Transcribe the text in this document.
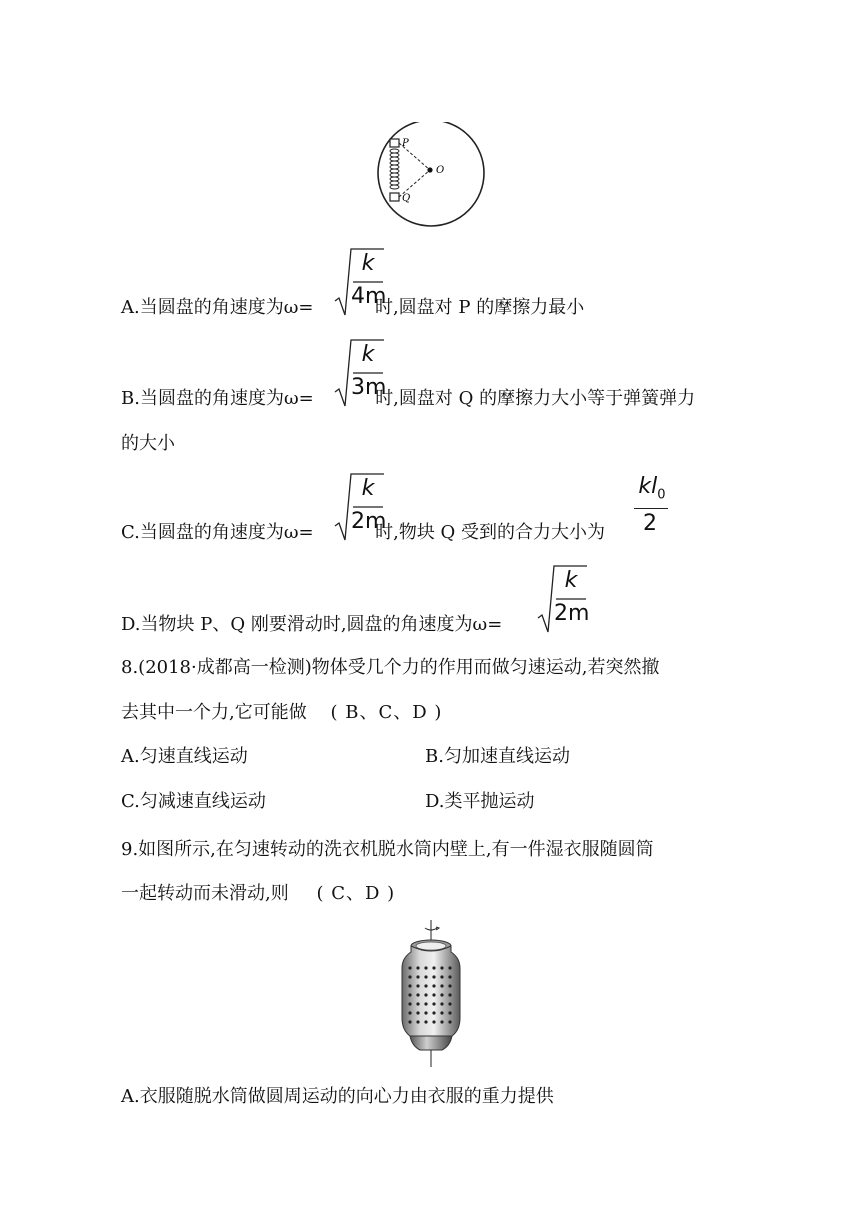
P
Q
O
A.当圆盘的角速度为ω=	时,圆盘对 P 的摩擦力最小
k
4m
B.当圆盘的角速度为ω=	时,圆盘对 Q 的摩擦力大小等于弹簧弹力
k
3m
的大小
C.当圆盘的角速度为ω=	时,物块 Q 受到的合力大小为
k
2m
$kl_0$
2
D.当物块 P、Q 刚要滑动时,圆盘的角速度为ω=
k
2m
8.(2018·成都高一检测)物体受几个力的作用而做匀速运动,若突然撤
去其中一个力,它可能做 ( B、C、D )
A.匀速直线运动	B.匀加速直线运动
C.匀减速直线运动	D.类平抛运动
9.如图所示,在匀速转动的洗衣机脱水筒内壁上,有一件湿衣服随圆筒
一起转动而未滑动,则 ( C、D )
A.衣服随脱水筒做圆周运动的向心力由衣服的重力提供
